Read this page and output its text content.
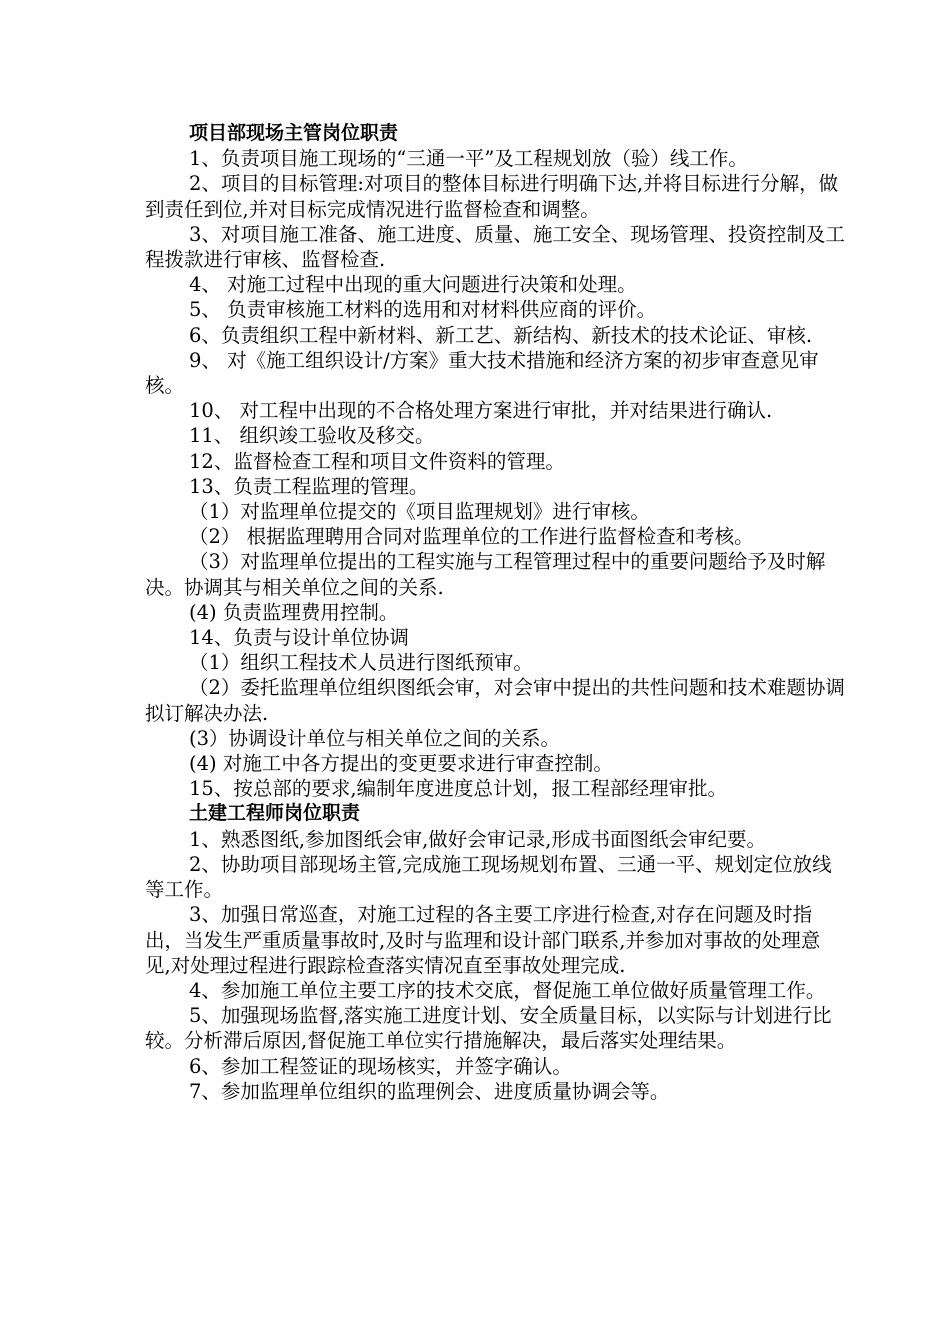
项目部现场主管岗位职责

1、负责项目施工现场的“三通一平”及工程规划放（验）线工作。

2、项目的目标管理:对项目的整体目标进行明确下达,并将目标进行分解，做到责任到位,并对目标完成情况进行监督检查和调整。

3、对项目施工准备、施工进度、质量、施工安全、现场管理、投资控制及工程拨款进行审核、监督检查.

4、 对施工过程中出现的重大问题进行决策和处理。

5、 负责审核施工材料的选用和对材料供应商的评价。

6、负责组织工程中新材料、新工艺、新结构、新技术的技术论证、审核.

9、 对《施工组织设计/方案》重大技术措施和经济方案的初步审查意见审核。

10、 对工程中出现的不合格处理方案进行审批，并对结果进行确认.

11、 组织竣工验收及移交。

12、监督检查工程和项目文件资料的管理。

13、负责工程监理的管理。

（1）对监理单位提交的《项目监理规划》进行审核。

（2） 根据监理聘用合同对监理单位的工作进行监督检查和考核。

（3）对监理单位提出的工程实施与工程管理过程中的重要问题给予及时解决。协调其与相关单位之间的关系.

(4) 负责监理费用控制。

14、负责与设计单位协调

（1）组织工程技术人员进行图纸预审。

（2）委托监理单位组织图纸会审，对会审中提出的共性问题和技术难题协调拟订解决办法.

(3）协调设计单位与相关单位之间的关系。

(4) 对施工中各方提出的变更要求进行审查控制。

15、按总部的要求,编制年度进度总计划，报工程部经理审批。

土建工程师岗位职责

1、熟悉图纸,参加图纸会审,做好会审记录,形成书面图纸会审纪要。

2、协助项目部现场主管,完成施工现场规划布置、三通一平、规划定位放线等工作。

3、加强日常巡查，对施工过程的各主要工序进行检查,对存在问题及时指出，当发生严重质量事故时,及时与监理和设计部门联系,并参加对事故的处理意见,对处理过程进行跟踪检查落实情况直至事故处理完成.

4、参加施工单位主要工序的技术交底，督促施工单位做好质量管理工作。

5、加强现场监督,落实施工进度计划、安全质量目标，以实际与计划进行比较。分析滞后原因,督促施工单位实行措施解决，最后落实处理结果。

6、参加工程签证的现场核实，并签字确认。

7、参加监理单位组织的监理例会、进度质量协调会等。
